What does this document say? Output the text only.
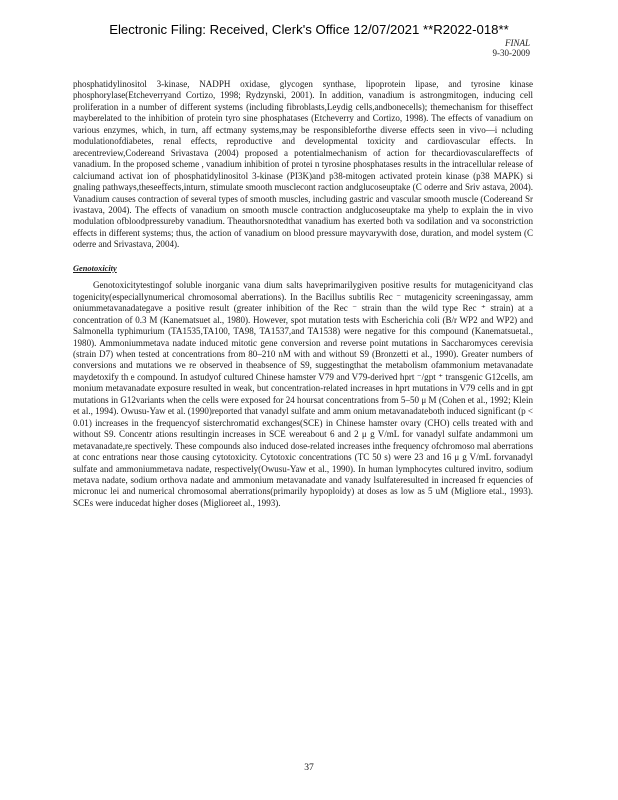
Electronic Filing: Received, Clerk's Office 12/07/2021 **R2022-018**
FINAL
9-30-2009

phosphatidylinositol 3-kinase, NADPH oxidase, glycogen synthase, lipoprotein lipase, and tyrosine kinase phosphorylase(Etcheverryand Cortizo, 1998; Rydzynski, 2001). In addition, vanadium is astrongmitogen, inducing cell proliferation in a number of different systems (including fibroblasts,Leydig cells,andbonecells); themechanism for thiseffect mayberelated to the inhibition of protein tyro sine phosphatases (Etcheverry and Cortizo, 1998). The effects of vanadium on various enzymes, which, in turn, aff ectmany systems,may be responsibleforthe diverse effects seen in vivo—i ncluding modulationofdiabetes, renal effects, reproductive and developmental toxicity and cardiovascular effects. In arecentreview,Codereand Srivastava (2004) proposed a potentialmechanism of action for thecardiovasculareffects of vanadium. In the proposed scheme , vanadium inhibition of protei n tyrosine phosphatases results in the intracellular release of calciumand activat ion of phosphatidylinositol 3-kinase (PI3K)and p38-mitogen activated protein kinase (p38 MAPK) si gnaling pathways,theseeffects,inturn, stimulate smooth musclecont raction andglucoseuptake (C oderre and Sriv astava, 2004). Vanadium causes contraction of several types of smooth muscles, including gastric and vascular smooth muscle (Codereand Sr ivastava, 2004). The effects of vanadium on smooth muscle contraction andglucoseuptake ma yhelp to explain the in vivo modulation ofbloodpressureby vanadium. Theauthorsnotedthat vanadium has exerted both va sodilation and va soconstriction effects in different systems; thus, the action of vanadium on blood pressure mayvarywith dose, duration, and model system (C oderre and Srivastava, 2004).

Genotoxicity

Genotoxicitytestingof soluble inorganic vana dium salts haveprimarilygiven positive results for mutagenicityand clas togenicity(especiallynumerical chromosomal aberrations). In the Bacillus subtilis Rec ⁻ mutagenicity screeningassay, amm oniummetavanadategave a positive result (greater inhibition of the Rec ⁻ strain than the wild type Rec ⁺ strain) at a concentration of 0.3 M (Kanematsuet al., 1980). However, spot mutation tests with Escherichia coli (B/r WP2 and WP2) and Salmonella typhimurium (TA1535,TA100, TA98, TA1537,and TA1538) were negative for this compound (Kanematsuetal., 1980). Ammoniummetava nadate induced mitotic gene conversion and reverse point mutations in Saccharomyces cerevisia (strain D7) when tested at concentrations from 80–210 nM with and without S9 (Bronzetti et al., 1990). Greater numbers of conversions and mutations we re observed in theabsence of S9, suggestingthat the metabolism ofammonium metavanadate maydetoxify th e compound. In astudyof cultured Chinese hamster V79 and V79-derived hprt ⁻/gpt ⁺ transgenic G12cells, am monium metavanadate exposure resulted in weak, but concentration-related increases in hprt mutations in V79 cells and in gpt mutations in G12variants when the cells were exposed for 24 hoursat concentrations from 5–50 μ M (Cohen et al., 1992; Klein et al., 1994). Owusu-Yaw et al. (1990)reported that vanadyl sulfate and amm onium metavanadateboth induced significant (p < 0.01) increases in the frequencyof sisterchromatid exchanges(SCE) in Chinese hamster ovary (CHO) cells treated with and without S9. Concentr ations resultingin increases in SCE wereabout 6 and 2 μ g V/mL for vanadyl sulfate andammoni um metavanadate,re spectively. These compounds also induced dose-related increases inthe frequency ofchromoso mal aberrations at conc entrations near those causing cytotoxicity. Cytotoxic concentrations (TC 50 s) were 23 and 16 μ g V/mL forvanadyl sulfate and ammoniummetava nadate, respectively(Owusu-Yaw et al., 1990). In human lymphocytes cultured invitro, sodium metava nadate, sodium orthova nadate and ammonium metavanadate and vanady lsulfateresulted in increased fr equencies of micronuc lei and numerical chromosomal aberrations(primarily hypoploidy) at doses as low as 5 uM (Migliore etal., 1993). SCEs were inducedat higher doses (Miglioreet al., 1993).

37
